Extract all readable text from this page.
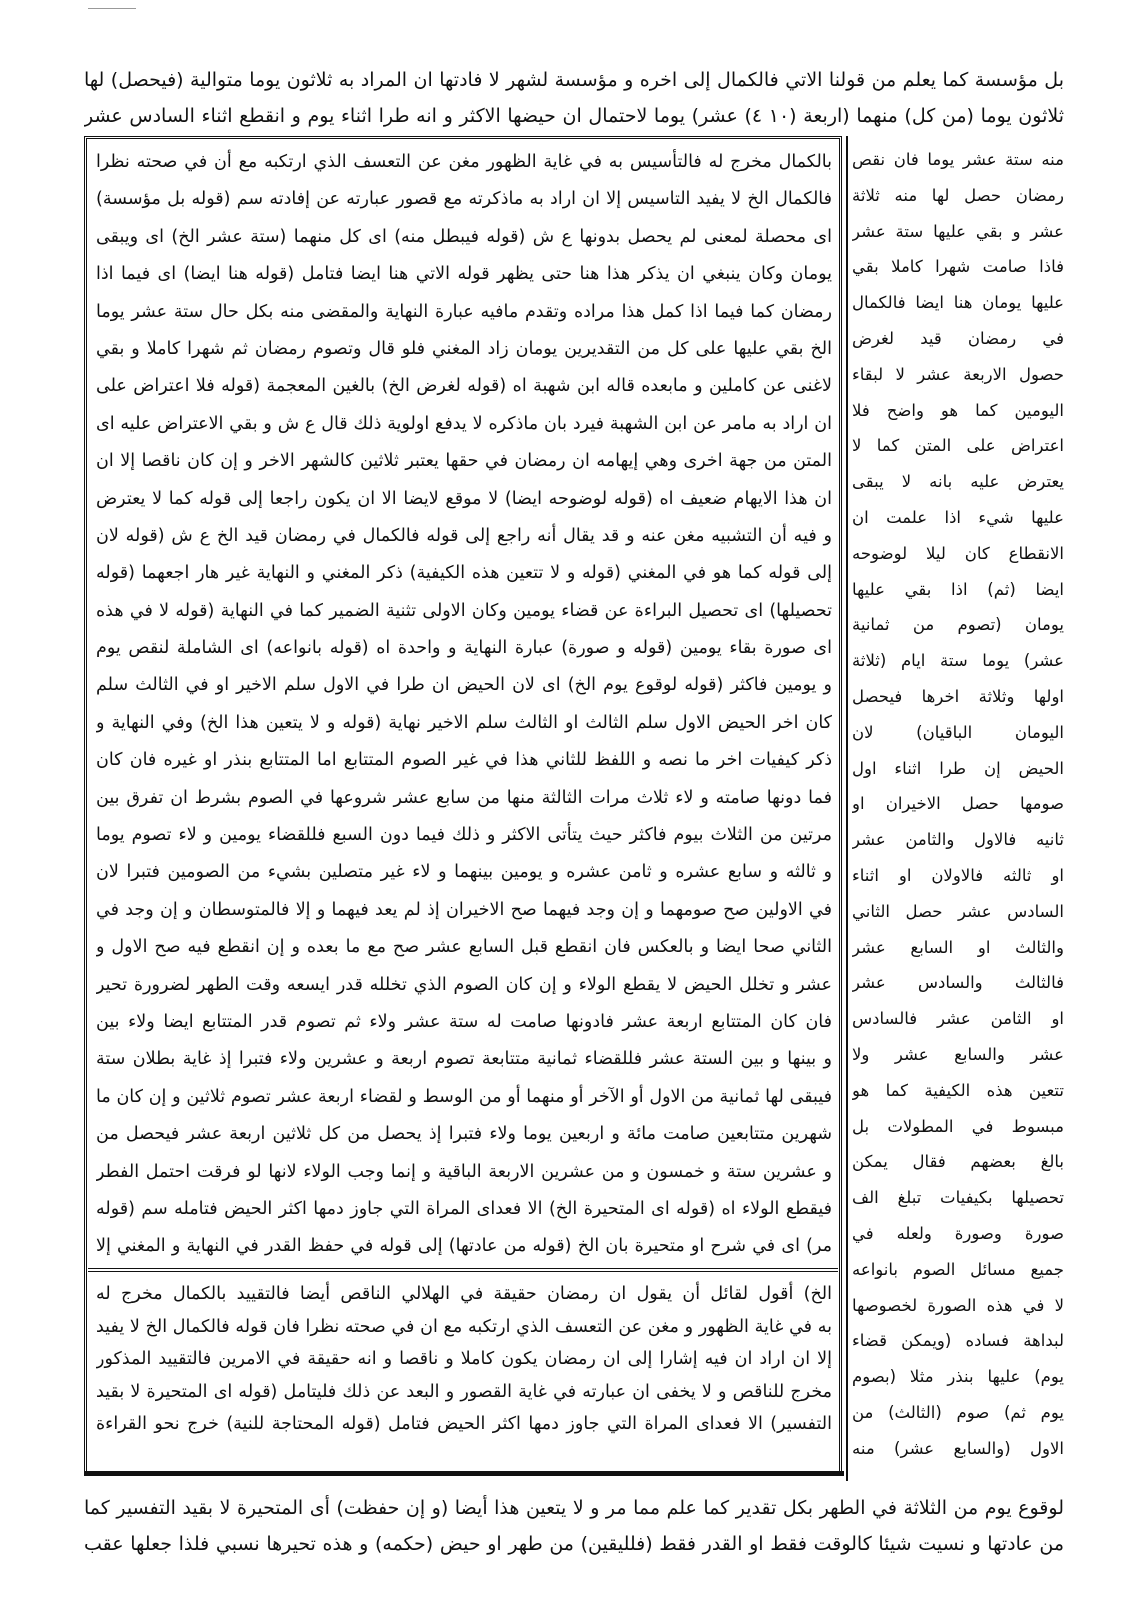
بل مؤسسة كما يعلم من قولنا الاتي فالكمال إلى اخره و مؤسسة لشهر لا فادتها ان المراد به ثلاثون يوما متوالية (فيحصل) لها
ثلاثون يوما (من كل) منهما (اربعة (١٠ ٤) عشر) يوما لاحتمال ان حيضها الاكثر و انه طرا اثناء يوم و انقطع اثناء السادس عشر
بالكمال مخرج له فالتأسيس به في غاية الظهور مغن عن التعسف الذي ارتكبه مع أن في صحته نظرا
فالكمال الخ لا يفيد التاسيس إلا ان اراد به ماذكرته مع قصور عبارته عن إفادته سم (قوله بل مؤسسة)
اى محصلة لمعنى لم يحصل بدونها ع ش (قوله فيبطل منه) اى كل منهما (ستة عشر الخ) اى ويبقى
يومان وكان ينبغي ان يذكر هذا هنا حتى يظهر قوله الاتي هنا ايضا فتامل (قوله هنا ايضا) اى فيما اذا
رمضان كما فيما اذا كمل هذا مراده وتقدم مافيه عبارة النهاية والمقضى منه بكل حال ستة عشر يوما
الخ بقي عليها على كل من التقديرين يومان زاد المغني فلو قال وتصوم رمضان ثم شهرا كاملا و بقي
لاغنى عن كاملين و مابعده قاله ابن شهبة اه (قوله لغرض الخ) بالغين المعجمة (قوله فلا اعتراض على
ان اراد به مامر عن ابن الشهبة فيرد بان ماذكره لا يدفع اولوية ذلك قال ع ش و بقي الاعتراض عليه اى
المتن من جهة اخرى وهي إيهامه ان رمضان في حقها يعتبر ثلاثين كالشهر الاخر و إن كان ناقصا إلا ان
ان هذا الايهام ضعيف اه (قوله لوضوحه ايضا) لا موقع لايضا الا ان يكون راجعا إلى قوله كما لا يعترض
و فيه أن التشبيه مغن عنه و قد يقال أنه راجع إلى قوله فالكمال في رمضان قيد الخ ع ش (قوله لان
إلى قوله كما هو في المغني (قوله و لا تتعين هذه الكيفية) ذكر المغني و النهاية غير هار اجعهما (قوله
تحصيلها) اى تحصيل البراءة عن قضاء يومين وكان الاولى تثنية الضمير كما في النهاية (قوله لا في هذه
اى صورة بقاء يومين (قوله و صورة) عبارة النهاية و واحدة اه (قوله بانواعه) اى الشاملة لنقص يوم
و يومين فاكثر (قوله لوقوع يوم الخ) اى لان الحيض ان طرا في الاول سلم الاخير او في الثالث سلم
كان اخر الحيض الاول سلم الثالث او الثالث سلم الاخير نهاية (قوله و لا يتعين هذا الخ) وفي النهاية و
ذكر كيفيات اخر ما نصه و اللفظ للثاني هذا في غير الصوم المتتابع اما المتتابع بنذر او غيره فان كان
فما دونها صامته و لاء ثلاث مرات الثالثة منها من سابع عشر شروعها في الصوم بشرط ان تفرق بين
مرتين من الثلاث بيوم فاكثر حيث يتأتى الاكثر و ذلك فيما دون السبع فللقضاء يومين و لاء تصوم يوما
و ثالثه و سابع عشره و ثامن عشره و يومين بينهما و لاء غير متصلين بشيء من الصومين فتبرا لان
في الاولين صح صومهما و إن وجد فيهما صح الاخيران إذ لم يعد فيهما و إلا فالمتوسطان و إن وجد في
الثاني صحا ايضا و بالعكس فان انقطع قبل السابع عشر صح مع ما بعده و إن انقطع فيه صح الاول و
عشر و تخلل الحيض لا يقطع الولاء و إن كان الصوم الذي تخلله قدر ايسعه وقت الطهر لضرورة تحير
فان كان المتتابع اربعة عشر فادونها صامت له ستة عشر ولاء ثم تصوم قدر المتتابع ايضا ولاء بين
و بينها و بين الستة عشر فللقضاء ثمانية متتابعة تصوم اربعة و عشرين ولاء فتبرا إذ غاية بطلان ستة
فيبقى لها ثمانية من الاول أو الآخر أو منهما أو من الوسط و لقضاء اربعة عشر تصوم ثلاثين و إن كان ما
شهرين متتابعين صامت مائة و اربعين يوما ولاء فتبرا إذ يحصل من كل ثلاثين اربعة عشر فيحصل من
و عشرين ستة و خمسون و من عشرين الاربعة الباقية و إنما وجب الولاء لانها لو فرقت احتمل الفطر
فيقطع الولاء اه (قوله اى المتحيرة الخ) الا فعداى المراة التي جاوز دمها اكثر الحيض فتامله سم (قوله
مر) اى في شرح او متحيرة بان الخ (قوله من عادتها) إلى قوله في حفظ القدر في النهاية و المغني إلا
الخ) أقول لقائل أن يقول ان رمضان حقيقة في الهلالي الناقص أيضا فالتقييد بالكمال مخرج له
به في غاية الظهور و مغن عن التعسف الذي ارتكبه مع ان في صحته نظرا فان قوله فالكمال الخ لا يفيد
إلا ان اراد ان فيه إشارا إلى ان رمضان يكون كاملا و ناقصا و انه حقيقة في الامرين فالتقييد المذكور
مخرج للناقص و لا يخفى ان عبارته في غاية القصور و البعد عن ذلك فليتامل (قوله اى المتحيرة لا بقيد
التفسير) الا فعداى المراة التي جاوز دمها اكثر الحيض فتامل (قوله المحتاجة للنية) خرج نحو القراءة
منه ستة عشر يوما فان نقص
رمضان حصل لها منه ثلاثة
عشر و بقي عليها ستة عشر
فاذا صامت شهرا كاملا بقي
عليها يومان هنا ايضا فالكمال
في رمضان قيد لغرض
حصول الاربعة عشر لا لبقاء
اليومين كما هو واضح فلا
اعتراض على المتن كما لا
يعترض عليه بانه لا يبقى
عليها شيء اذا علمت ان
الانقطاع كان ليلا لوضوحه
ايضا (ثم) اذا بقي عليها
يومان (تصوم من ثمانية
عشر) يوما ستة ايام (ثلاثة
اولها وثلاثة اخرها فيحصل
اليومان الباقيان) لان
الحيض إن طرا اثناء اول
صومها حصل الاخيران او
ثانيه فالاول والثامن عشر
او ثالثه فالاولان او اثناء
السادس عشر حصل الثاني
والثالث او السابع عشر
فالثالث والسادس عشر
او الثامن عشر فالسادس
عشر والسابع عشر ولا
تتعين هذه الكيفية كما هو
مبسوط في المطولات بل
بالغ بعضهم فقال يمكن
تحصيلها بكيفيات تبلغ الف
صورة وصورة ولعله في
جميع مسائل الصوم بانواعه
لا في هذه الصورة لخصوصها
لبداهة فساده (ويمكن قضاء
يوم) عليها بنذر مثلا (بصوم
يوم ثم) صوم (الثالث) من
الاول (والسابع عشر) منه
لوقوع يوم من الثلاثة في الطهر بكل تقدير كما علم مما مر و لا يتعين هذا أيضا (و إن حفظت) أى المتحيرة لا بقيد التفسير كما
من عادتها و نسيت شيئا كالوقت فقط او القدر فقط (فلليقين) من طهر او حيض (حكمه) و هذه تحيرها نسبي فلذا جعلها عقب
